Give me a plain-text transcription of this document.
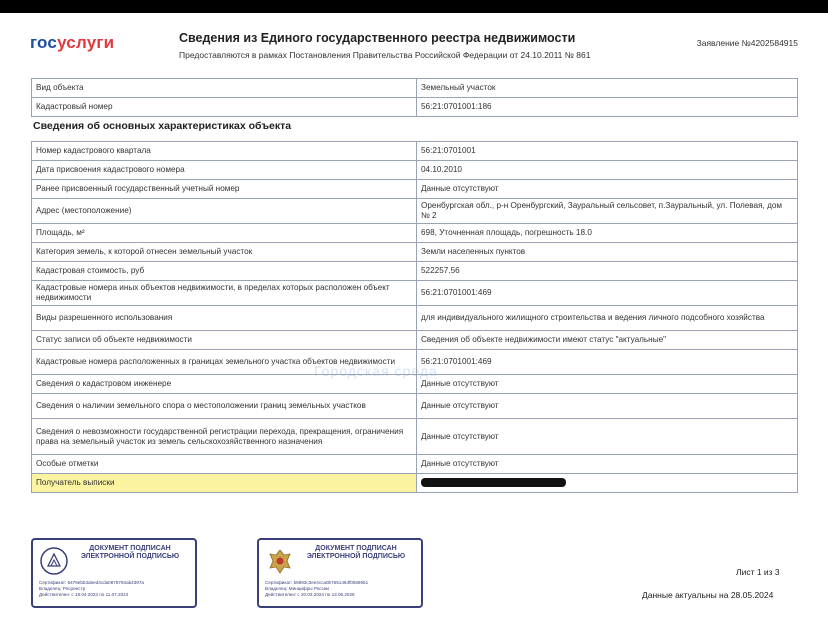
госуслуги	Сведения из Единого государственного реестра недвижимости
Предоставляются в рамках Постановления Правительства Российской Федерации от 24.10.2011 № 861
Заявление №4202584915
Вид объекта	Земельный участок
Кадастровый номер	56:21:0701001:186
Сведения об основных характеристиках объекта
Городская среда
Номер кадастрового квартала	56:21:0701001
Дата присвоения кадастрового номера	04.10.2010
Ранее присвоенный государственный учетный номер	Данные отсутствуют
Адрес (местоположение)	Оренбургская обл., р-н Оренбургский, Зауральный сельсовет, п.Зауральный, ул. Полевая, дом № 2
Площадь, м²	698, Уточненная площадь, погрешность 18.0
Категория земель, к которой отнесен земельный участок	Земли населенных пунктов
Кадастровая стоимость, руб	522257.56
Кадастровые номера иных объектов недвижимости, в пределах которых расположен объект недвижимости	56:21:0701001:469
Виды разрешенного использования	для индивидуального жилищного строительства и ведения личного подсобного хозяйства
Статус записи об объекте недвижимости	Сведения об объекте недвижимости имеют статус "актуальные"
Кадастровые номера расположенных в границах земельного участка объектов недвижимости	56:21:0701001:469
Сведения о кадастровом инженере	Данные отсутствуют
Сведения о наличии земельного спора о местоположении границ земельных участков	Данные отсутствуют
Сведения о невозможности государственной регистрации перехода, прекращения, ограничения права на земельный участок из земель сельскохозяйственного назначения	Данные отсутствуют
Особые отметки	Данные отсутствуют
Получатель выписки	
ДОКУМЕНТ ПОДПИСАН ЭЛЕКТРОННОЙ ПОДПИСЬЮ
Сертификат: 6476ebb3a5ed4cda0878794ab4397a
Владелец: Росреестр
Действителен: с 18.04.2023 по 11.07.2024
ДОКУМЕНТ ПОДПИСАН ЭЛЕКТРОННОЙ ПОДПИСЬЮ
Сертификат: b5893c3ee4cca0b7651464f0559551
Владелец: Минцифры России
Действителен: с 20.03.2024 по 13.06.2025
Лист 1 из 3
Данные актуальны на 28.05.2024
